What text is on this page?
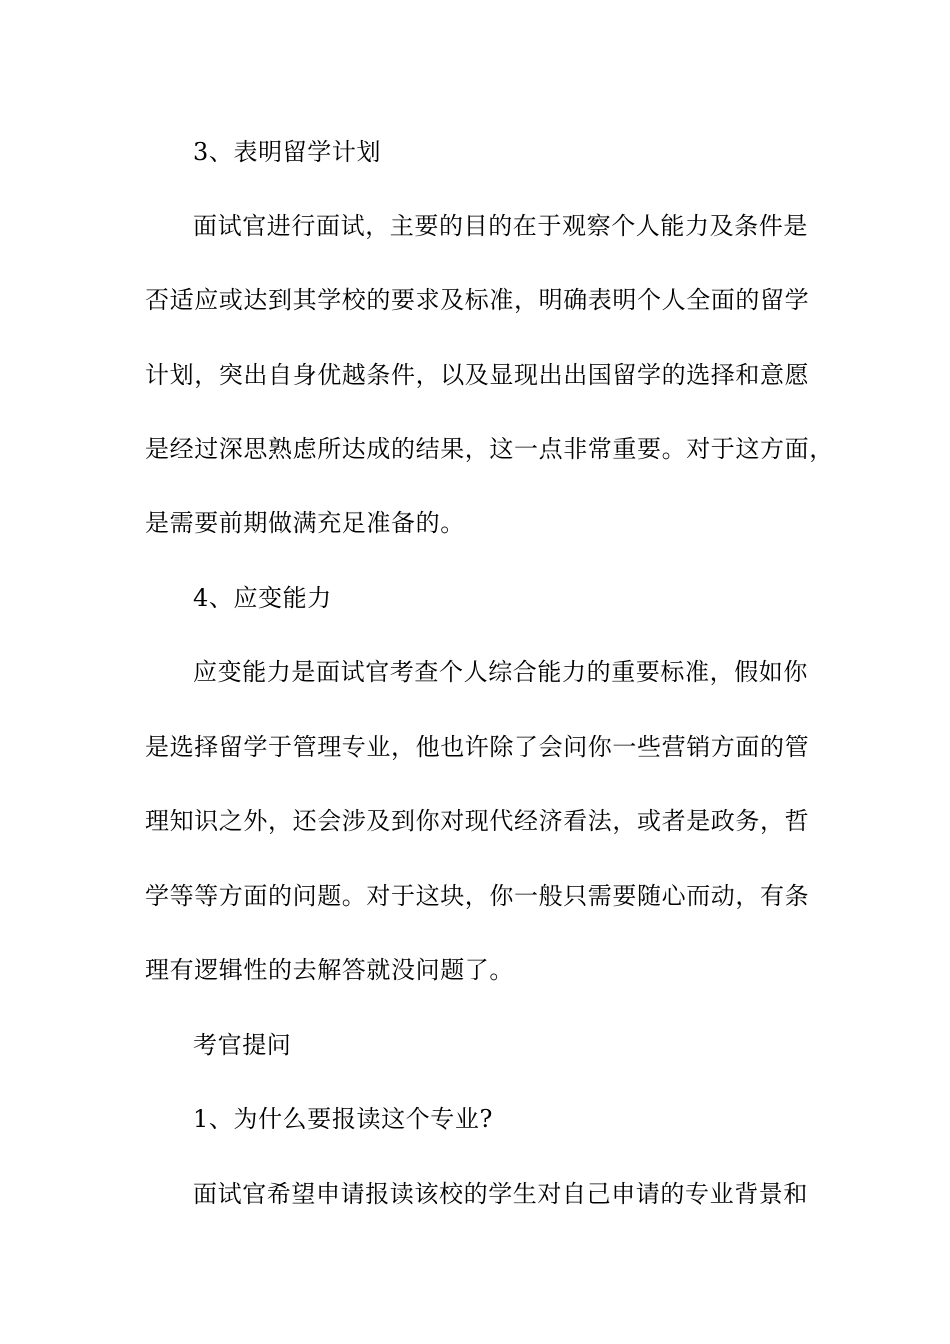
3、表明留学计划
面试官进行面试，主要的目的在于观察个人能力及条件是
否适应或达到其学校的要求及标准，明确表明个人全面的留学
计划，突出自身优越条件，以及显现出出国留学的选择和意愿
是经过深思熟虑所达成的结果，这一点非常重要。对于这方面，
是需要前期做满充足准备的。
4、应变能力
应变能力是面试官考查个人综合能力的重要标准，假如你
是选择留学于管理专业，他也许除了会问你一些营销方面的管
理知识之外，还会涉及到你对现代经济看法，或者是政务，哲
学等等方面的问题。对于这块，你一般只需要随心而动，有条
理有逻辑性的去解答就没问题了。
考官提问
1、为什么要报读这个专业?
面试官希望申请报读该校的学生对自己申请的专业背景和
